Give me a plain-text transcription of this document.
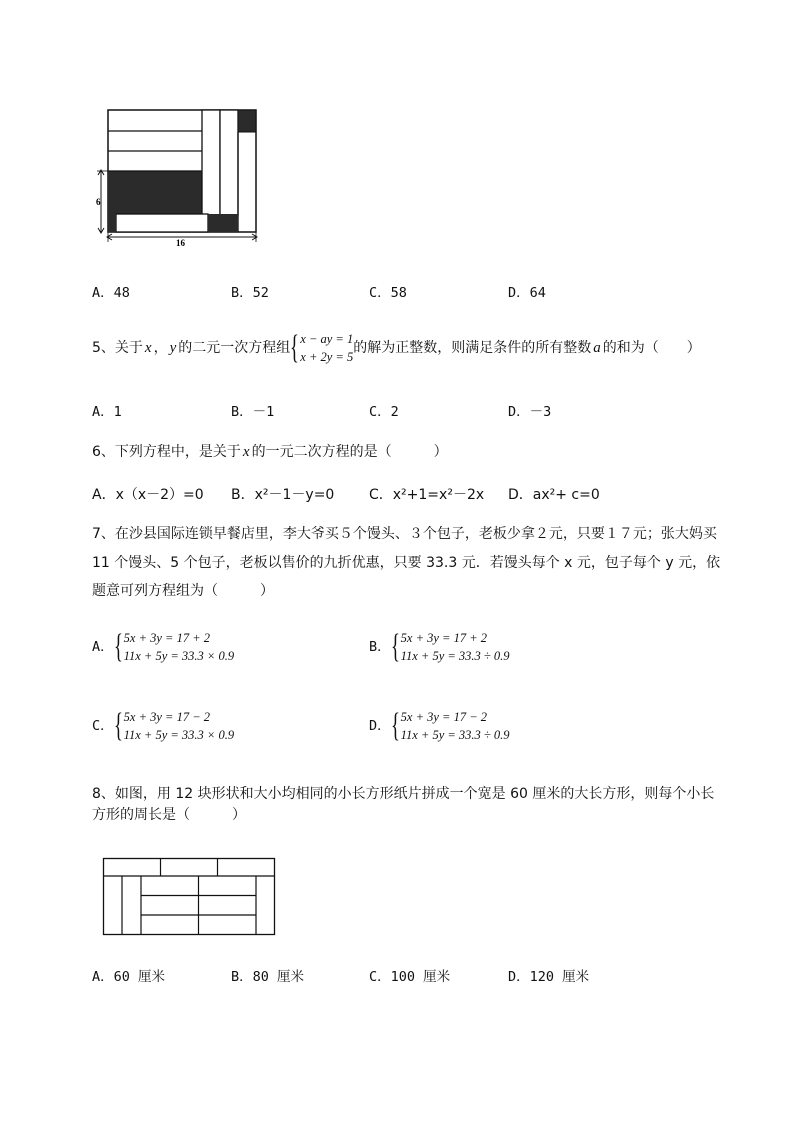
6
16
A．48	B．52	C．58	D．64
5、关于 x ， y 的二元一次方程组 { x − ay = 1
x + 2y = 5
的解为正整数，则满足条件的所有整数 a 的和为（　　）
A．1	B．－1	C．2	D．－3
6、下列方程中，是关于 x 的一元二次方程的是（　　　）
A．x（x－2）=0 B．x²－1－y=0 C．x²+1=x²－2x D．ax²+ c=0
7、在沙县国际连锁早餐店里，李大爷买５个馒头、３个包子，老板少拿２元，只要１７元；张大妈买
11 个馒头、5 个包子，老板以售价的九折优惠，只要 33.3 元．若馒头每个 x 元，包子每个 y 元，依
题意可列方程组为（　　　）
A． { 5x + 3y = 17 + 2
11x + 5y = 33.3 × 0.9
B． { 5x + 3y = 17 + 2
11x + 5y = 33.3 ÷ 0.9
C． { 5x + 3y = 17 − 2
11x + 5y = 33.3 × 0.9
D． { 5x + 3y = 17 − 2
11x + 5y = 33.3 ÷ 0.9
8、如图，用 12 块形状和大小均相同的小长方形纸片拼成一个宽是 60 厘米的大长方形，则每个小长
方形的周长是（　　　）
A．60 厘米	B．80 厘米	C．100 厘米	D．120 厘米
